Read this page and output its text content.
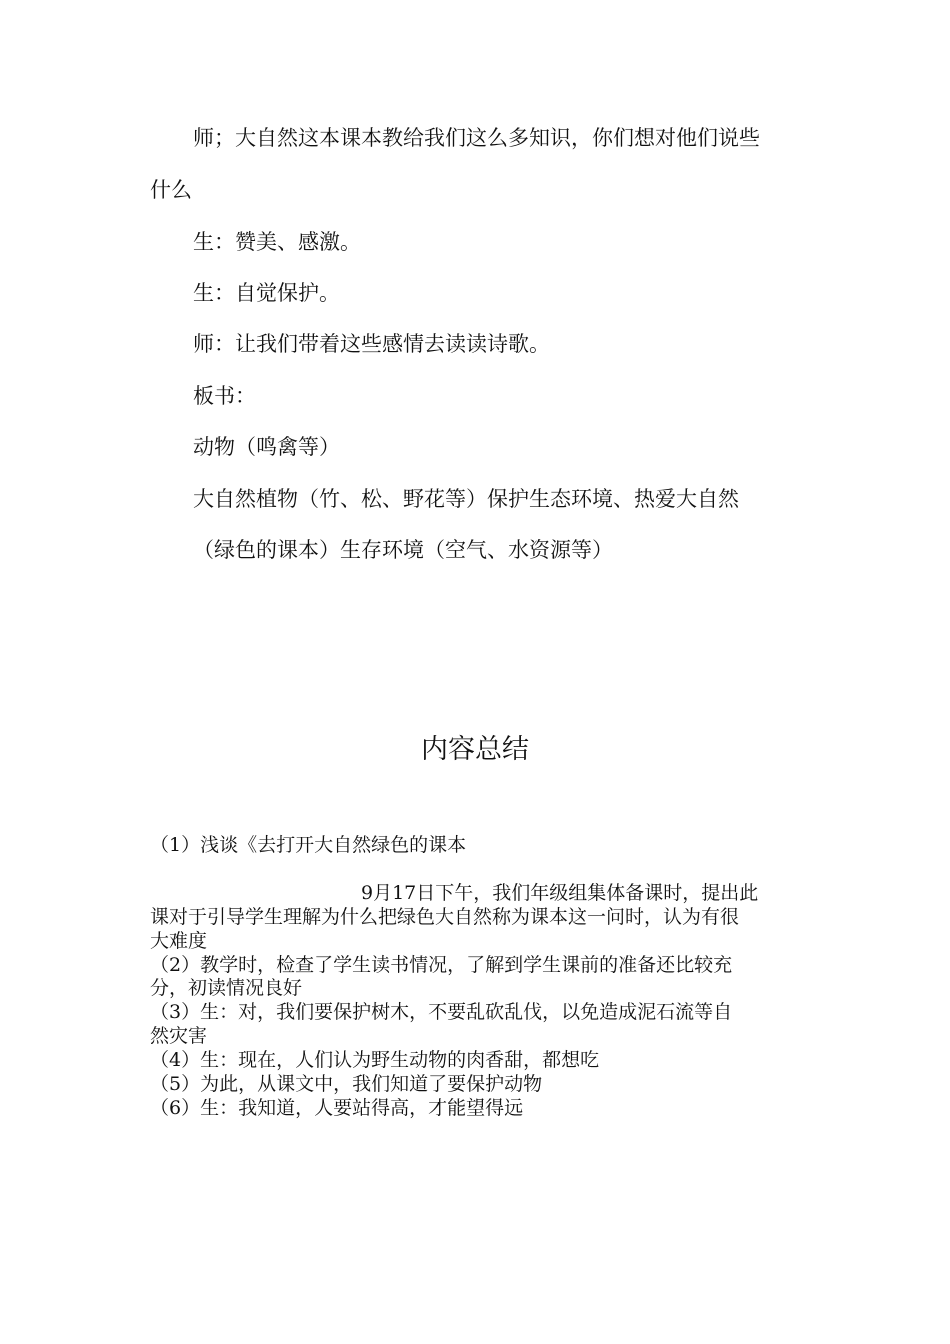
师；大自然这本课本教给我们这么多知识，你们想对他们说些

什么

生：赞美、感激。

生：自觉保护。

师：让我们带着这些感情去读读诗歌。

板书：

动物（鸣禽等）

大自然植物（竹、松、野花等）保护生态环境、热爱大自然

（绿色的课本）生存环境（空气、水资源等）

内容总结

（1）浅谈《去打开大自然绿色的课本

9月17日下午，我们年级组集体备课时，提出此

课对于引导学生理解为什么把绿色大自然称为课本这一问时，认为有很

大难度

（2）教学时，检查了学生读书情况，了解到学生课前的准备还比较充

分，初读情况良好

（3）生：对，我们要保护树木，不要乱砍乱伐，以免造成泥石流等自

然灾害

（4）生：现在，人们认为野生动物的肉香甜，都想吃

（5）为此，从课文中，我们知道了要保护动物

（6）生：我知道，人要站得高，才能望得远
